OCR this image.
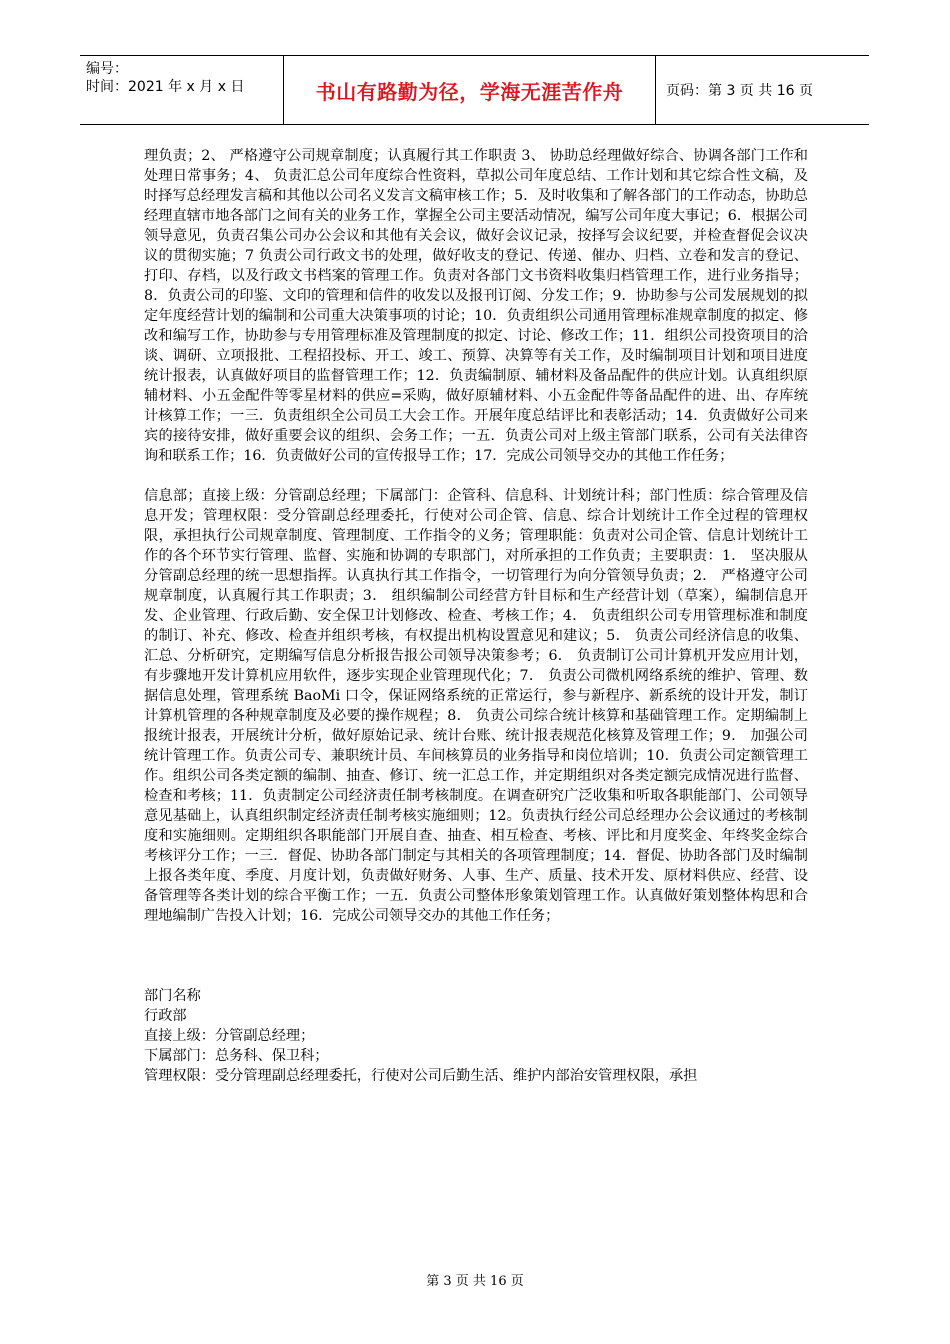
编号：
时间：2021 年 x 月 x 日	书山有路勤为径，学海无涯苦作舟	页码：第 3 页 共 16 页

理负责；2、 严格遵守公司规章制度；认真履行其工作职责 3、 协助总经理做好综合、协调各部门工作和处理日常事务；4、 负责汇总公司年度综合性资料，草拟公司年度总结、工作计划和其它综合性文稿，及时择写总经理发言稿和其他以公司名义发言文稿审核工作；5．及时收集和了解各部门的工作动态，协助总经理直辖市地各部门之间有关的业务工作，掌握全公司主要活动情况，编写公司年度大事记；6．根据公司领导意见，负责召集公司办公会议和其他有关会议，做好会议记录，按择写会议纪要，并检查督促会议决议的贯彻实施；7 负责公司行政文书的处理，做好收支的登记、传递、催办、归档、立卷和发言的登记、打印、存档，以及行政文书档案的管理工作。负责对各部门文书资料收集归档管理工作，进行业务指导；8．负责公司的印鉴、文印的管理和信件的收发以及报刊订阅、分发工作；9．协助参与公司发展规划的拟定年度经营计划的编制和公司重大决策事项的讨论；10．负责组织公司通用管理标准规章制度的拟定、修改和编写工作，协助参与专用管理标准及管理制度的拟定、讨论、修改工作；11．组织公司投资项目的洽谈、调研、立项报批、工程招投标、开工、竣工、预算、决算等有关工作，及时编制项目计划和项目进度统计报表，认真做好项目的监督管理工作；12．负责编制原、辅材料及备品配件的供应计划。认真组织原辅材料、小五金配件等零星材料的供应=采购，做好原辅材料、小五金配件等备品配件的进、出、存库统计核算工作；一三．负责组织全公司员工大会工作。开展年度总结评比和表彰活动；14．负责做好公司来宾的接待安排，做好重要会议的组织、会务工作；一五．负责公司对上级主管部门联系，公司有关法律咨询和联系工作；16．负责做好公司的宣传报导工作；17．完成公司领导交办的其他工作任务；

信息部；直接上级：分管副总经理；下属部门：企管科、信息科、计划统计科；部门性质：综合管理及信息开发；管理权限：受分管副总经理委托，行使对公司企管、信息、综合计划统计工作全过程的管理权限，承担执行公司规章制度、管理制度、工作指令的义务；管理职能：负责对公司企管、信息计划统计工作的各个环节实行管理、监督、实施和协调的专职部门，对所承担的工作负责；主要职责：1． 坚决服从分管副总经理的统一思想指挥。认真执行其工作指令，一切管理行为向分管领导负责；2． 严格遵守公司规章制度，认真履行其工作职责；3． 组织编制公司经营方针目标和生产经营计划（草案），编制信息开发、企业管理、行政后勤、安全保卫计划修改、检查、考核工作；4． 负责组织公司专用管理标准和制度的制订、补充、修改、检查并组织考核，有权提出机构设置意见和建议；5． 负责公司经济信息的收集、汇总、分析研究，定期编写信息分析报告报公司领导决策参考；6． 负责制订公司计算机开发应用计划，有步骤地开发计算机应用软件，逐步实现企业管理现代化；7． 负责公司微机网络系统的维护、管理、数据信息处理，管理系统 BaoMi 口令，保证网络系统的正常运行，参与新程序、新系统的设计开发，制订计算机管理的各种规章制度及必要的操作规程；8． 负责公司综合统计核算和基础管理工作。定期编制上报统计报表，开展统计分析，做好原始记录、统计台账、统计报表规范化核算及管理工作；9． 加强公司统计管理工作。负责公司专、兼职统计员、车间核算员的业务指导和岗位培训；10．负责公司定额管理工作。组织公司各类定额的编制、抽查、修订、统一汇总工作，并定期组织对各类定额完成情况进行监督、检查和考核；11．负责制定公司经济责任制考核制度。在调查研究广泛收集和听取各职能部门、公司领导意见基础上，认真组织制定经济责任制考核实施细则；12。负责执行经公司总经理办公会议通过的考核制度和实施细则。定期组织各职能部门开展自查、抽查、相互检查、考核、评比和月度奖金、年终奖金综合考核评分工作；一三．督促、协助各部门制定与其相关的各项管理制度；14．督促、协助各部门及时编制上报各类年度、季度、月度计划，负责做好财务、人事、生产、质量、技术开发、原材料供应、经营、设备管理等各类计划的综合平衡工作；一五．负责公司整体形象策划管理工作。认真做好策划整体构思和合理地编制广告投入计划；16．完成公司领导交办的其他工作任务；

部门名称

行政部

直接上级：分管副总经理；

下属部门：总务科、保卫科；

管理权限：受分管理副总经理委托，行使对公司后勤生活、维护内部治安管理权限，承担

第 3 页 共 16 页
